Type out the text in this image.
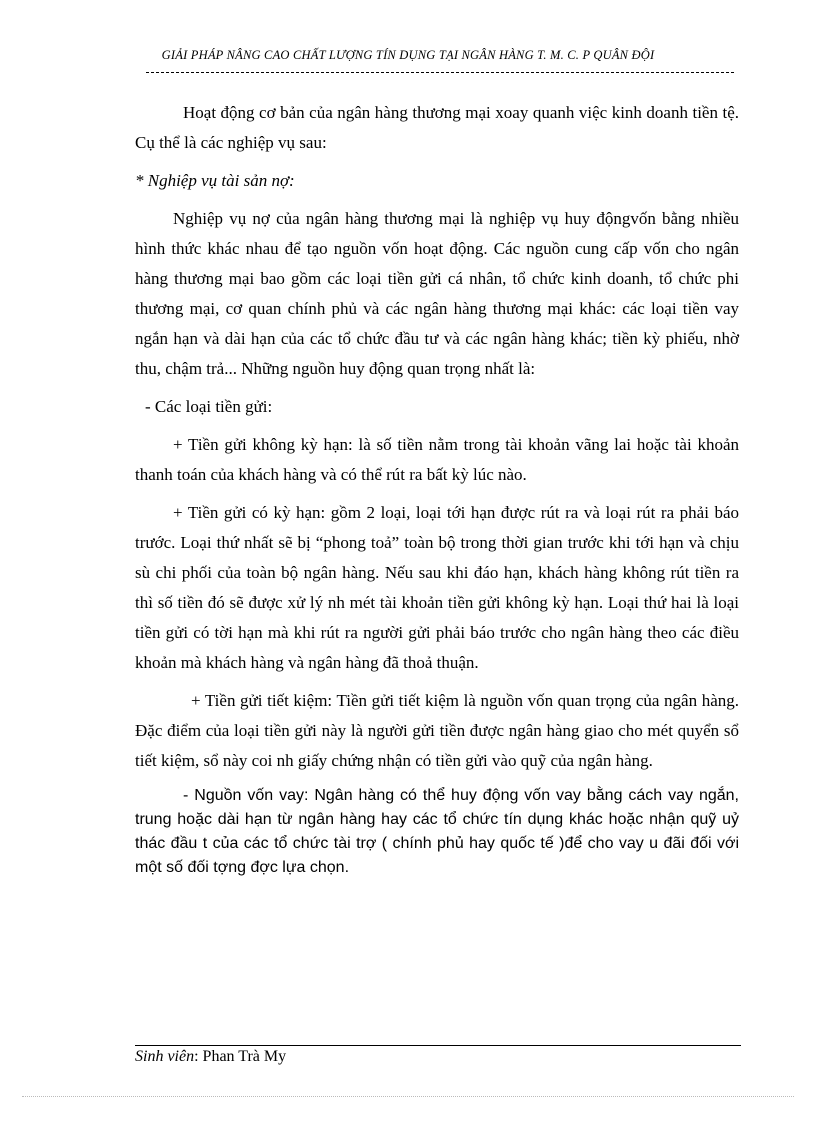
GIẢI PHÁP NÂNG CAO CHẤT LƯỢNG TÍN DỤNG TẠI NGÂN HÀNG T. M. C. P QUÂN ĐỘI

Hoạt động cơ bản của ngân hàng thương mại xoay quanh việc kinh doanh tiền tệ. Cụ thể là các nghiệp vụ sau:

* Nghiệp vụ tài sản nợ:

Nghiệp vụ nợ của ngân hàng thương mại là nghiệp vụ huy độngvốn bằng nhiều hình thức khác nhau để tạo nguồn vốn hoạt động. Các nguồn cung cấp vốn cho ngân hàng thương mại bao gồm các loại tiền gửi cá nhân, tổ chức kinh doanh, tổ chức phi thương mại, cơ quan chính phủ và các ngân hàng thương mại khác: các loại tiền vay ngắn hạn và dài hạn của các tổ chức đầu tư và các ngân hàng khác; tiền kỳ phiếu, nhờ thu, chậm trả... Những nguồn huy động quan trọng nhất là:

- Các loại tiền gửi:

+ Tiền gửi không kỳ hạn: là số tiền nằm trong tài khoản vãng lai hoặc tài khoản thanh toán của khách hàng và có thể rút ra bất kỳ lúc nào.

+ Tiền gửi có kỳ hạn: gồm 2 loại, loại tới hạn được rút ra và loại rút ra phải báo trước. Loại thứ nhất sẽ bị “phong toả” toàn bộ trong thời gian trước khi tới hạn và chịu sù chi phối của toàn bộ ngân hàng. Nếu sau khi đáo hạn, khách hàng không rút tiền ra thì số tiền đó sẽ được xử lý nh mét tài khoản tiền gửi không kỳ hạn. Loại thứ hai là loại tiền gửi có tời hạn mà khi rút ra người gửi phải báo trước cho ngân hàng theo các điều khoản mà khách hàng và ngân hàng đã thoả thuận.

+ Tiền gửi tiết kiệm: Tiền gửi tiết kiệm là nguồn vốn quan trọng của ngân hàng. Đặc điểm của loại tiền gửi này là người gửi tiền được ngân hàng giao cho mét quyển sổ tiết kiệm, sổ này coi nh giấy chứng nhận có tiền gửi vào quỹ của ngân hàng.

- Nguồn vốn vay: Ngân hàng có thể huy động vốn vay bằng cách vay ngắn, trung hoặc dài hạn từ ngân hàng hay các tổ chức tín dụng khác hoặc nhận quỹ uỷ thác đầu t của các tổ chức tài trợ ( chính phủ hay quốc tế )để cho vay u đãi đối với một số đối tợng đợc lựa chọn.

Sinh viên: Phan Trà My
